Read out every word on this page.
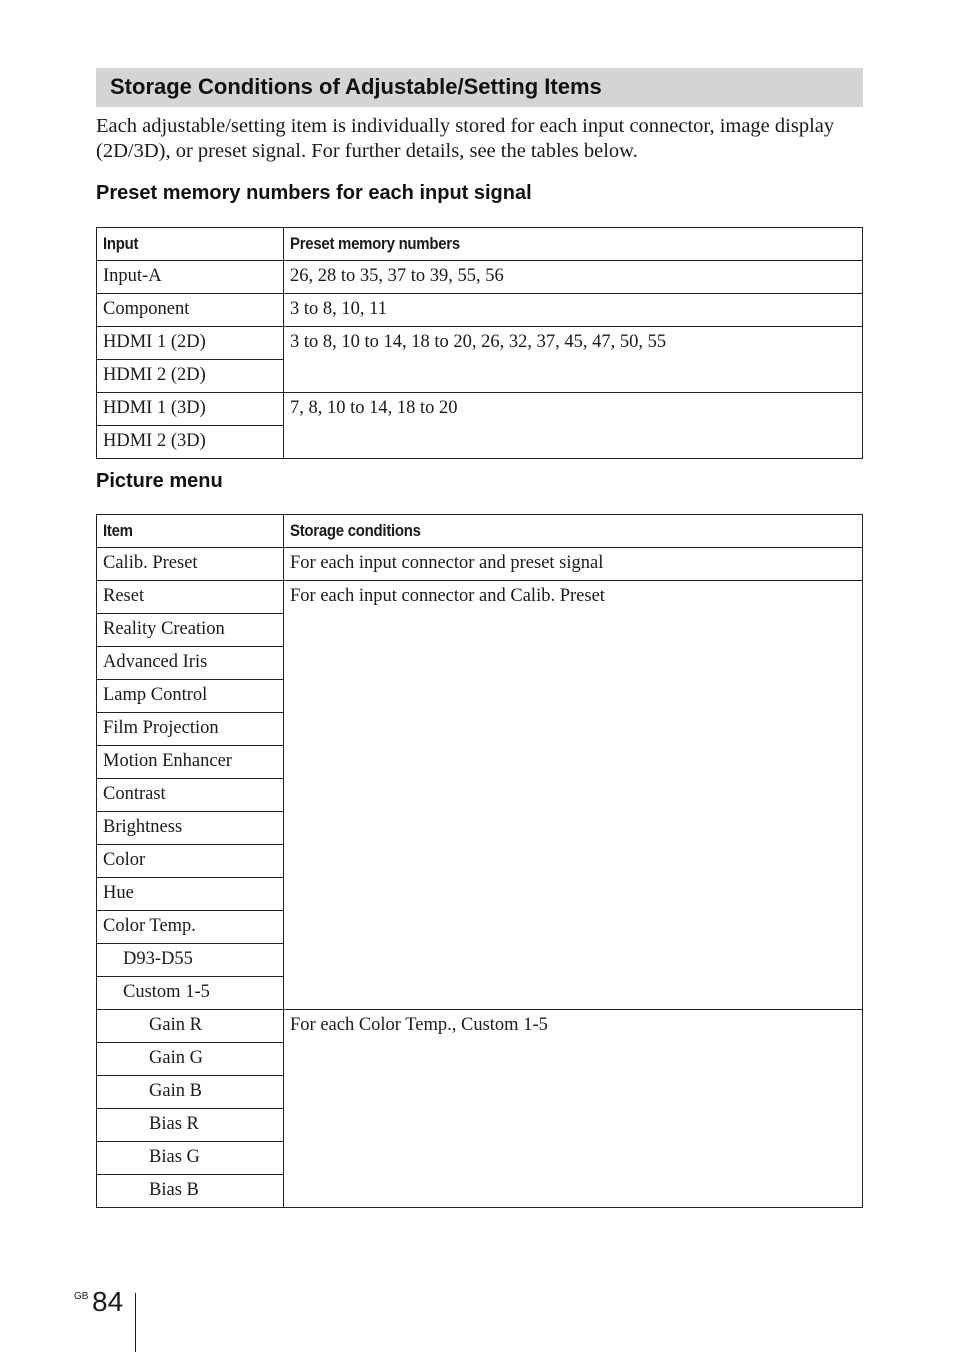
Storage Conditions of Adjustable/Setting Items

Each adjustable/setting item is individually stored for each input connector, image display (2D/3D), or preset signal. For further details, see the tables below.

Preset memory numbers for each input signal
Input	Preset memory numbers
Input-A	26, 28 to 35, 37 to 39, 55, 56
Component	3 to 8, 10, 11
HDMI 1 (2D)	3 to 8, 10 to 14, 18 to 20, 26, 32, 37, 45, 47, 50, 55
HDMI 2 (2D)	
HDMI 1 (3D)	7, 8, 10 to 14, 18 to 20
HDMI 2 (3D)	
Picture menu
Item	Storage conditions
Calib. Preset	For each input connector and preset signal
Reset	For each input connector and Calib. Preset
Reality Creation	
Advanced Iris	
Lamp Control	
Film Projection	
Motion Enhancer	
Contrast	
Brightness	
Color	
Hue	
Color Temp.	
D93-D55	
Custom 1-5	
Gain R	For each Color Temp., Custom 1-5
Gain G	
Gain B	
Bias R	
Bias G	
Bias B	
GB 84
